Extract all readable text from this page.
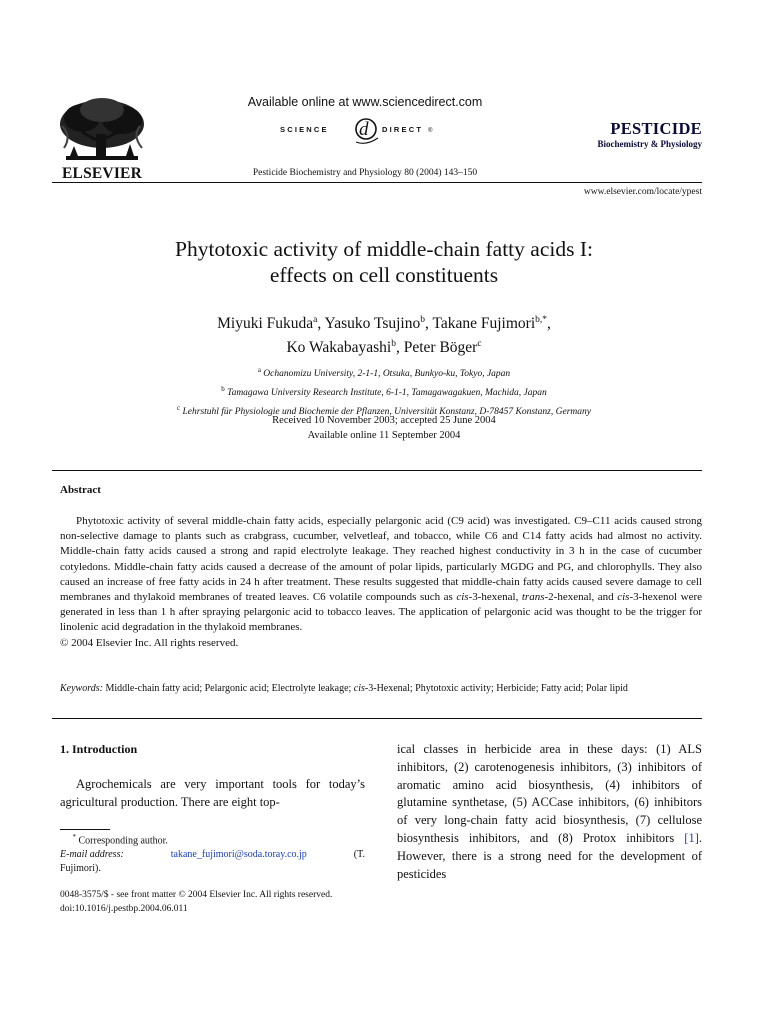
ELSEVIER
Available online at www.sciencedirect.com
SCIENCE d DIRECT ®
Pesticide Biochemistry and Physiology 80 (2004) 143–150
PESTICIDE
Biochemistry & Physiology
www.elsevier.com/locate/ypest
Phytotoxic activity of middle-chain fatty acids I:
effects on cell constituents
Miyuki Fukuda$^a$, Yasuko Tsujino$^b$, Takane Fujimori$^{b,*}$,
Ko Wakabayashi$^b$, Peter Böger$^c$
$^a$ Ochanomizu University, 2-1-1, Otsuka, Bunkyo-ku, Tokyo, Japan
$^b$ Tamagawa University Research Institute, 6-1-1, Tamagawagakuen, Machida, Japan
$^c$ Lehrstuhl für Physiologie und Biochemie der Pflanzen, Universität Konstanz, D-78457 Konstanz, Germany
Received 10 November 2003; accepted 25 June 2004
Available online 11 September 2004
Abstract

Phytotoxic activity of several middle-chain fatty acids, especially pelargonic acid (C9 acid) was investigated. C9–C11 acids caused strong non-selective damage to plants such as crabgrass, cucumber, velvetleaf, and tobacco, while C6 and C14 fatty acids had almost no activity. Middle-chain fatty acids caused a strong and rapid electrolyte leakage. They reached highest conductivity in 3 h in the case of cucumber cotyledons. Middle-chain fatty acids caused a decrease of the amount of polar lipids, particularly MGDG and PG, and chlorophylls. They also caused an increase of free fatty acids in 24 h after treatment. These results suggested that middle-chain fatty acids caused severe damage to cell membranes and thylakoid membranes of treated leaves. C6 volatile compounds such as cis-3-hexenal, trans-2-hexenal, and cis-3-hexenol were generated in less than 1 h after spraying pelargonic acid to tobacco leaves. The application of pelargonic acid was thought to be the trigger for linolenic acid degradation in the thylakoid membranes.

© 2004 Elsevier Inc. All rights reserved.

Keywords: Middle-chain fatty acid; Pelargonic acid; Electrolyte leakage; cis-3-Hexenal; Phytotoxic activity; Herbicide; Fatty acid; Polar lipid
1. Introduction

Agrochemicals are very important tools for today’s agricultural production. There are eight top-

ical classes in herbicide area in these days: (1) ALS inhibitors, (2) carotenogenesis inhibitors, (3) inhibitors of aromatic amino acid biosynthesis, (4) inhibitors of glutamine synthetase, (5) ACCase inhibitors, (6) inhibitors of very long-chain fatty acid biosynthesis, (7) cellulose biosynthesis inhibitors, and (8) Protox inhibitors [1]. However, there is a strong need for the development of pesticides
* Corresponding author.
E-mail address:	takane_fujimori@soda.toray.co.jp	(T.
Fujimori).
0048-3575/$ - see front matter © 2004 Elsevier Inc. All rights reserved.
doi:10.1016/j.pestbp.2004.06.011
